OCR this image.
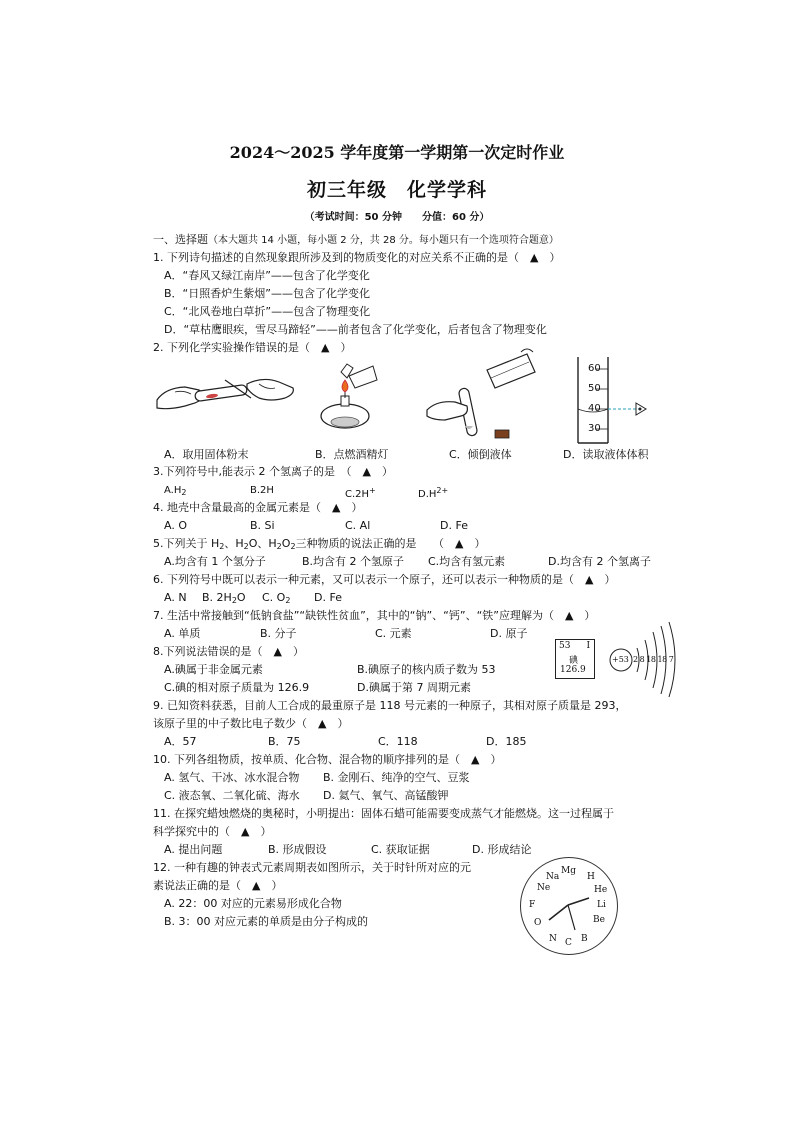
2024～2025 学年度第一学期第一次定时作业
初三年级　化学学科
（考试时间：50 分钟　　分值：60 分）
一、选择题（本大题共 14 小题，每小题 2 分，共 28 分。每小题只有一个选项符合题意）
1. 下列诗句描述的自然现象跟所涉及到的物质变化的对应关系不正确的是（　▲　）
A．“春风又绿江南岸”——包含了化学变化
B．“日照香炉生紫烟”——包含了化学变化
C．“北风卷地白草折”——包含了物理变化
D．“草枯鹰眼疾，雪尽马蹄轻”——前者包含了化学变化，后者包含了物理变化
2. 下列化学实验操作错误的是（　▲　）
60
50
40
30
A．取用固体粉末	B．点燃酒精灯	C．倾倒液体	D．读取液体体积
3.下列符号中,能表示 2 个氢离子的是　（　▲　）
$A.H_2$	B.2H	C.2H+	$D.H^{2+}$
4. 地壳中含量最高的金属元素是（　▲　）
A. O	B. Si	C. Al	D. Fe
5.下列关于 $H_2$、$H_2O$、$H_2O_2$三种物质的说法正确的是　　（　▲　）
A.均含有 1 个氢分子	B.均含有 2 个氢原子 C.均含有氢元素	D.均含有 2 个氢离子
6. 下列符号中既可以表示一种元素，又可以表示一个原子，还可以表示一种物质的是（　▲　）
A. N B. $2H_2O$ C. $O_2$ D. Fe
7. 生活中常接触到“低钠食盐”“缺铁性贫血”，其中的“钠”、“钙”、“铁”应理解为（　▲　）
A. 单质	B. 分子	C. 元素	D. 原子
8.下列说法错误的是（　▲　）
A.碘属于非金属元素	B.碘原子的核内质子数为 53
C.碘的相对原子质量为 126.9	D.碘属于第 7 周期元素
53 I
碘
126.9
+53 2 8 18 18 7
9. 已知资料获悉，目前人工合成的最重原子是 118 号元素的一种原子，其相对原子质量是 293，
该原子里的中子数比电子数少（　▲　）
A．57	B．75	C．118	D．185
10. 下列各组物质，按单质、化合物、混合物的顺序排列的是（　▲　）
A. 氢气、干冰、冰水混合物 B. 金刚石、纯净的空气、豆浆
C. 液态氧、二氧化硫、海水 D. 氦气、氧气、高锰酸钾
11. 在探究蜡烛燃烧的奥秘时，小明提出：固体石蜡可能需要变成蒸气才能燃烧。这一过程属于
科学探究中的（　▲　）
A. 提出问题	B. 形成假设	C. 获取证据	D. 形成结论
12. 一种有趣的钟表式元素周期表如图所示，关于时针所对应的元
素说法正确的是（　▲　）
A. 22：00 对应的元素易形成化合物
B. 3：00 对应元素的单质是由分子构成的
Mg
Na
Ne
H
He
Li
Be
F
O
N	B
C
